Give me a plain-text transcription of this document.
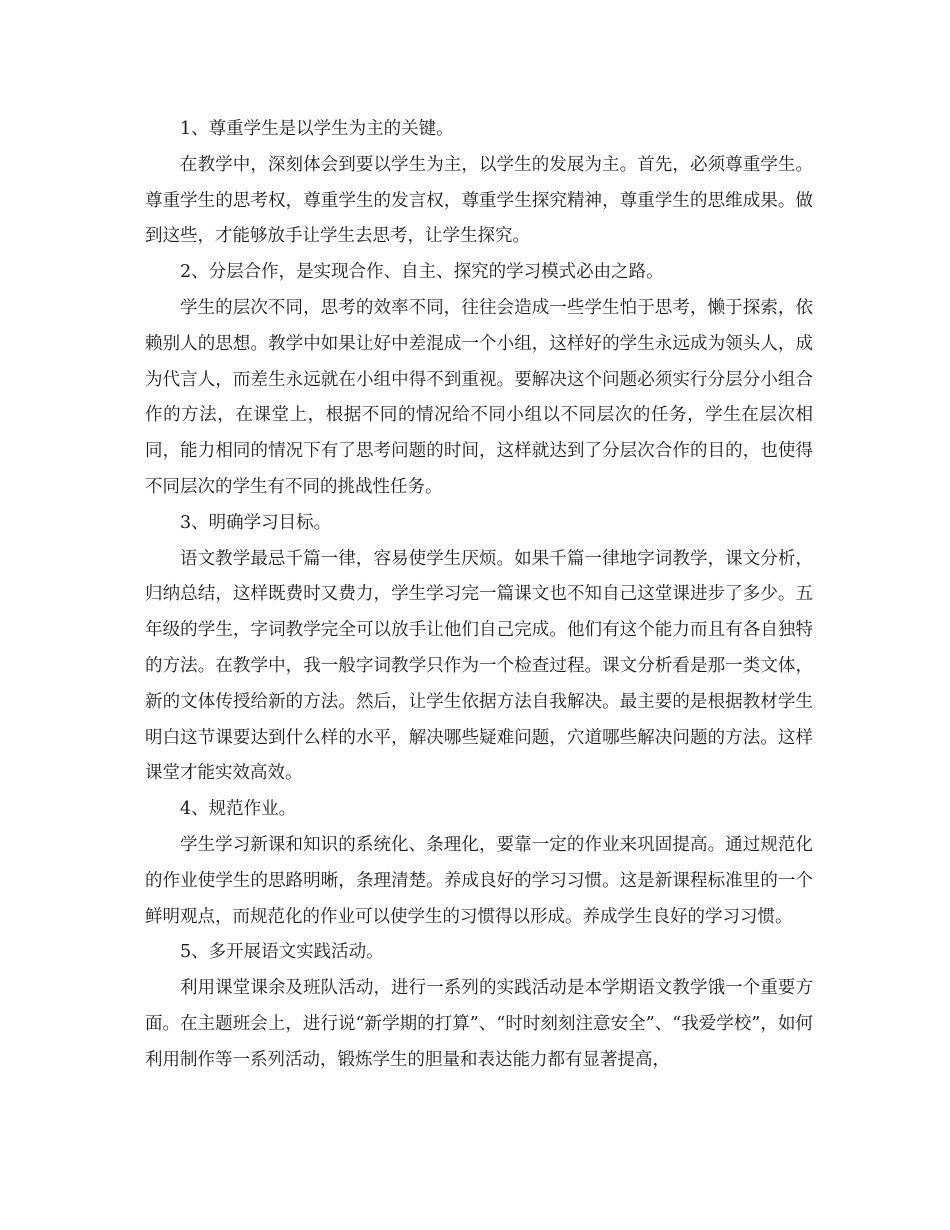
1、尊重学生是以学生为主的关键。

在教学中，深刻体会到要以学生为主，以学生的发展为主。首先，必须尊重学生。尊重学生的思考权，尊重学生的发言权，尊重学生探究精神，尊重学生的思维成果。做到这些，才能够放手让学生去思考，让学生探究。

2、分层合作，是实现合作、自主、探究的学习模式必由之路。

学生的层次不同，思考的效率不同，往往会造成一些学生怕于思考，懒于探索，依赖别人的思想。教学中如果让好中差混成一个小组，这样好的学生永远成为领头人，成为代言人，而差生永远就在小组中得不到重视。要解决这个问题必须实行分层分小组合作的方法，在课堂上，根据不同的情况给不同小组以不同层次的任务，学生在层次相同，能力相同的情况下有了思考问题的时间，这样就达到了分层次合作的目的，也使得不同层次的学生有不同的挑战性任务。

3、明确学习目标。

语文教学最忌千篇一律，容易使学生厌烦。如果千篇一律地字词教学，课文分析，归纳总结，这样既费时又费力，学生学习完一篇课文也不知自己这堂课进步了多少。五年级的学生，字词教学完全可以放手让他们自己完成。他们有这个能力而且有各自独特的方法。在教学中，我一般字词教学只作为一个检查过程。课文分析看是那一类文体，新的文体传授给新的方法。然后，让学生依据方法自我解决。最主要的是根据教材学生明白这节课要达到什么样的水平，解决哪些疑难问题，穴道哪些解决问题的方法。这样课堂才能实效高效。

4、规范作业。

学生学习新课和知识的系统化、条理化，要靠一定的作业来巩固提高。通过规范化的作业使学生的思路明晰，条理清楚。养成良好的学习习惯。这是新课程标准里的一个鲜明观点，而规范化的作业可以使学生的习惯得以形成。养成学生良好的学习习惯。

5、多开展语文实践活动。

利用课堂课余及班队活动，进行一系列的实践活动是本学期语文教学饿一个重要方面。在主题班会上，进行说“新学期的打算”、“时时刻刻注意安全”、“我爱学校”，如何利用制作等一系列活动，锻炼学生的胆量和表达能力都有显著提高，
